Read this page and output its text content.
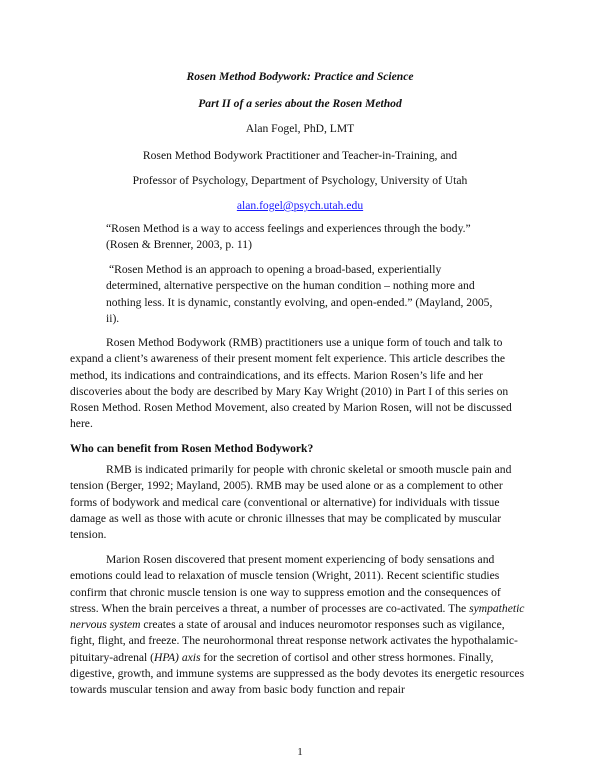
Rosen Method Bodywork: Practice and Science
Part II of a series about the Rosen Method
Alan Fogel, PhD, LMT
Rosen Method Bodywork Practitioner and Teacher-in-Training, and
Professor of Psychology, Department of Psychology, University of Utah
alan.fogel@psych.utah.edu

“Rosen Method is a way to access feelings and experiences through the body.” (Rosen & Brenner, 2003, p. 11)

“Rosen Method is an approach to opening a broad-based, experientially determined, alternative perspective on the human condition – nothing more and nothing less. It is dynamic, constantly evolving, and open-ended.” (Mayland, 2005, ii).

Rosen Method Bodywork (RMB) practitioners use a unique form of touch and talk to expand a client’s awareness of their present moment felt experience. This article describes the method, its indications and contraindications, and its effects. Marion Rosen’s life and her discoveries about the body are described by Mary Kay Wright (2010) in Part I of this series on Rosen Method. Rosen Method Movement, also created by Marion Rosen, will not be discussed here.

Who can benefit from Rosen Method Bodywork?

RMB is indicated primarily for people with chronic skeletal or smooth muscle pain and tension (Berger, 1992; Mayland, 2005). RMB may be used alone or as a complement to other forms of bodywork and medical care (conventional or alternative) for individuals with tissue damage as well as those with acute or chronic illnesses that may be complicated by muscular tension.

Marion Rosen discovered that present moment experiencing of body sensations and emotions could lead to relaxation of muscle tension (Wright, 2011). Recent scientific studies confirm that chronic muscle tension is one way to suppress emotion and the consequences of stress. When the brain perceives a threat, a number of processes are co-activated. The sympathetic nervous system creates a state of arousal and induces neuromotor responses such as vigilance, fight, flight, and freeze. The neurohormonal threat response network activates the hypothalamic-pituitary-adrenal (HPA) axis for the secretion of cortisol and other stress hormones. Finally, digestive, growth, and immune systems are suppressed as the body devotes its energetic resources towards muscular tension and away from basic body function and repair

1
